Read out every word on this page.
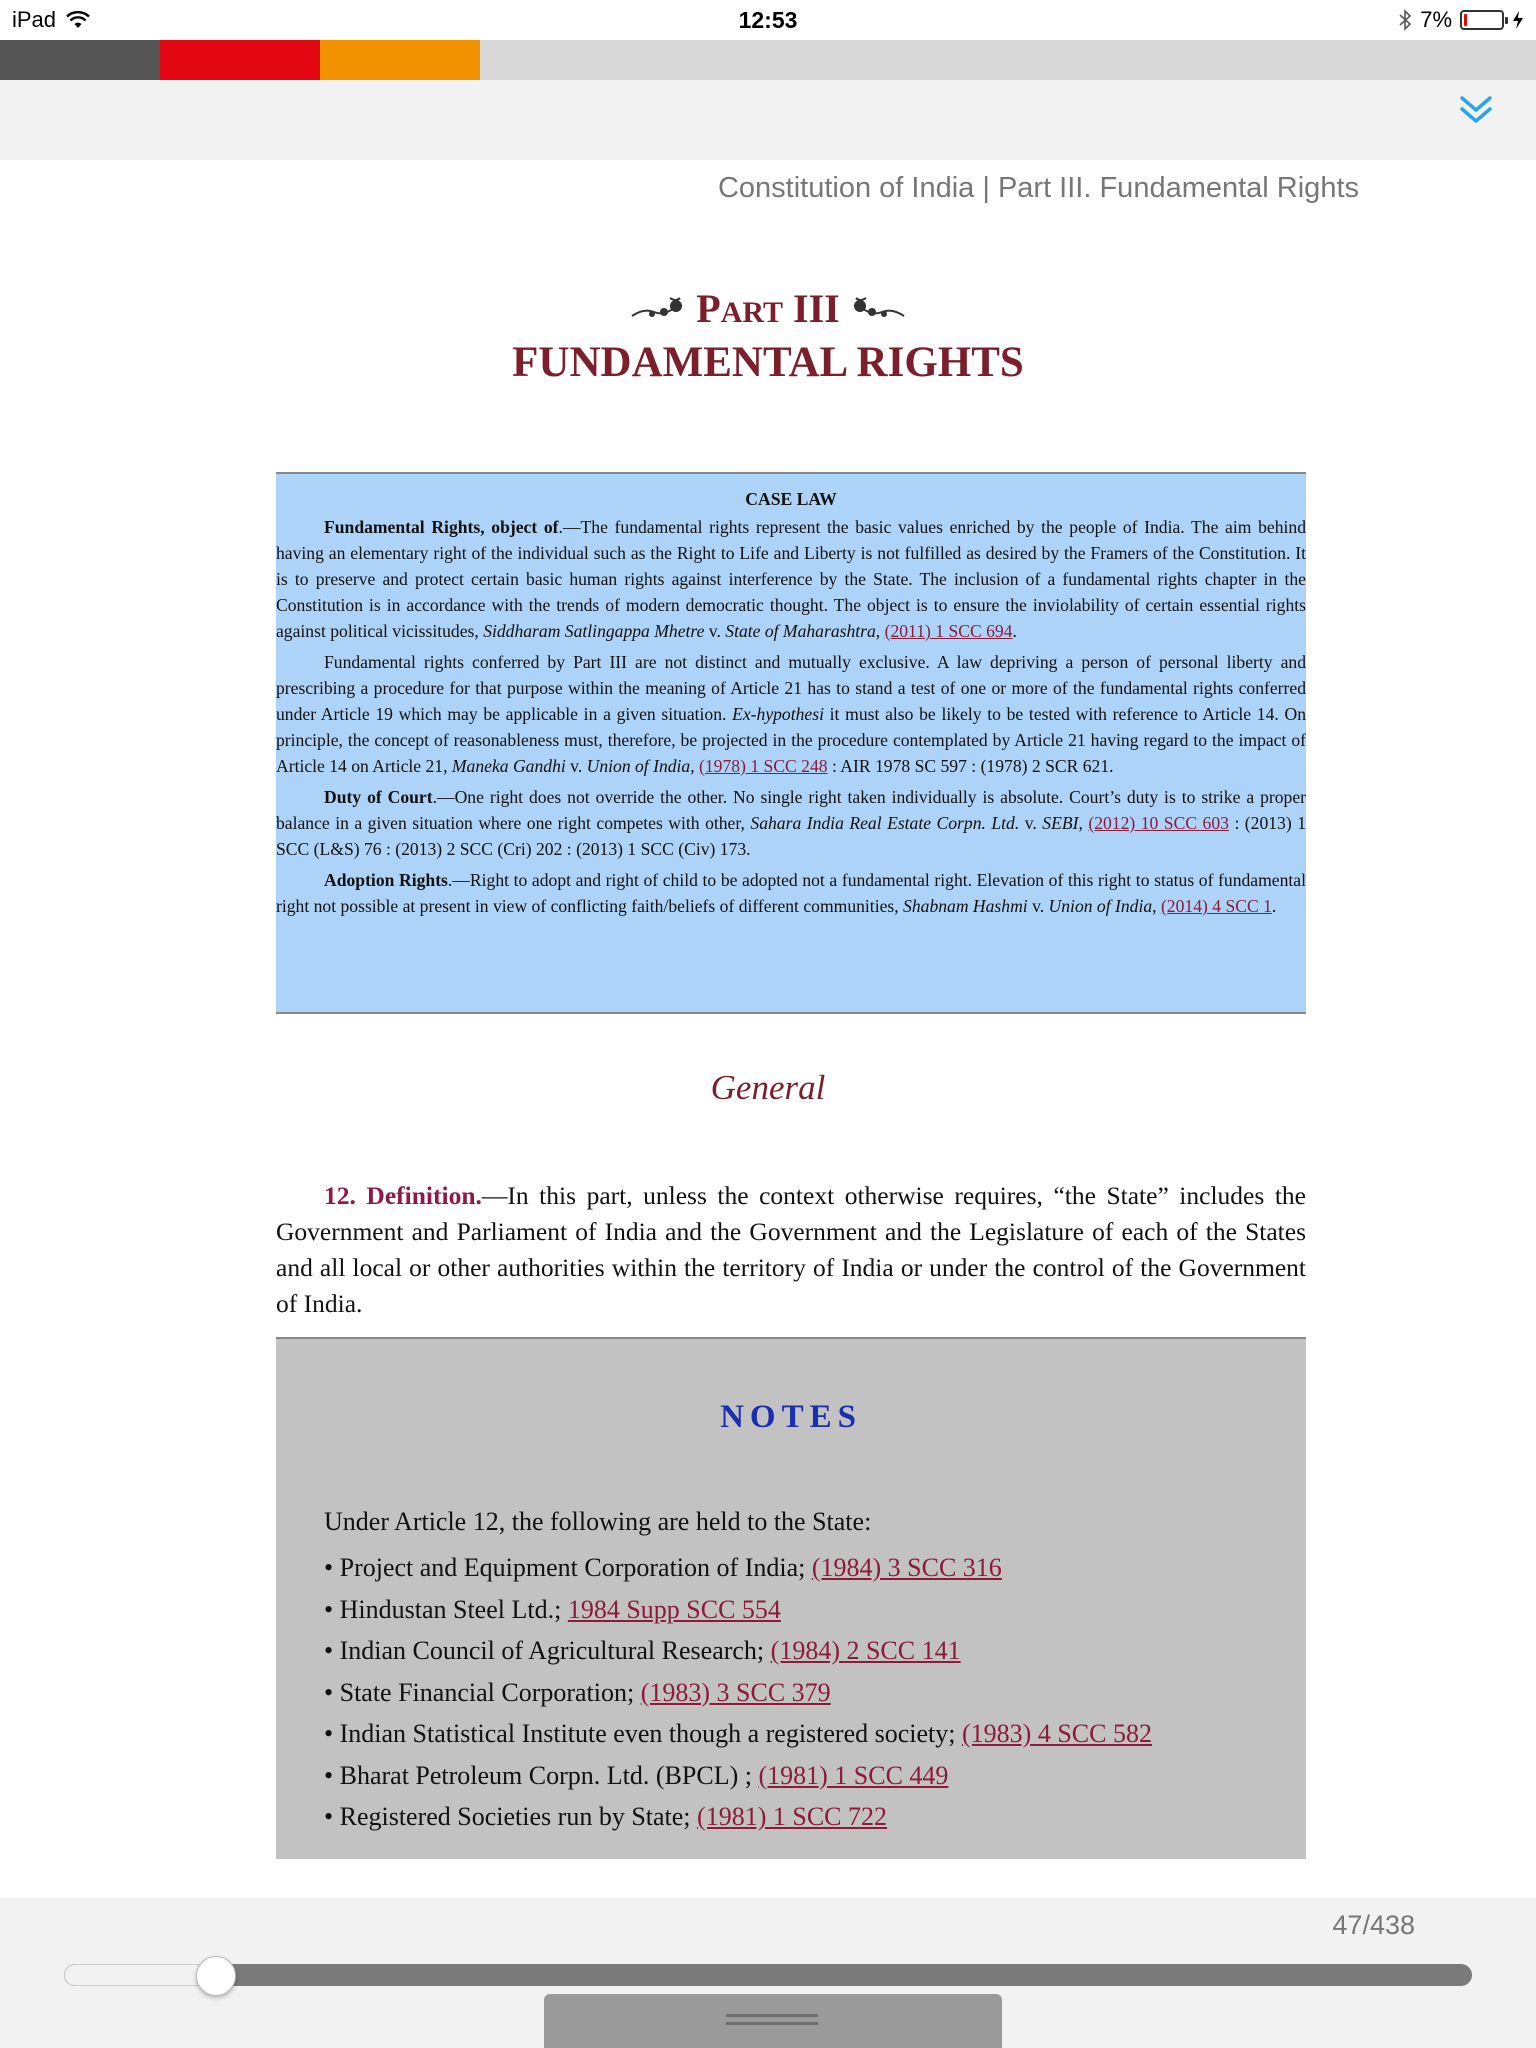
iPad	12:53	7%
Constitution of India | Part III. Fundamental Rights
PART III
FUNDAMENTAL RIGHTS
CASE LAW

Fundamental Rights, object of.—The fundamental rights represent the basic values enriched by the people of India. The aim behind having an elementary right of the individual such as the Right to Life and Liberty is not fulfilled as desired by the Framers of the Constitution. It is to preserve and protect certain basic human rights against interference by the State. The inclusion of a fundamental rights chapter in the Constitution is in accordance with the trends of modern democratic thought. The object is to ensure the inviolability of certain essential rights against political vicissitudes, Siddharam Satlingappa Mhetre v. State of Maharashtra, (2011) 1 SCC 694.

Fundamental rights conferred by Part III are not distinct and mutually exclusive. A law depriving a person of personal liberty and prescribing a procedure for that purpose within the meaning of Article 21 has to stand a test of one or more of the fundamental rights conferred under Article 19 which may be applicable in a given situation. Ex-hypothesi it must also be likely to be tested with reference to Article 14. On principle, the concept of reasonableness must, therefore, be projected in the procedure contemplated by Article 21 having regard to the impact of Article 14 on Article 21, Maneka Gandhi v. Union of India, (1978) 1 SCC 248 : AIR 1978 SC 597 : (1978) 2 SCR 621.

Duty of Court.—One right does not override the other. No single right taken individually is absolute. Court’s duty is to strike a proper balance in a given situation where one right competes with other, Sahara India Real Estate Corpn. Ltd. v. SEBI, (2012) 10 SCC 603 : (2013) 1 SCC (L&S) 76 : (2013) 2 SCC (Cri) 202 : (2013) 1 SCC (Civ) 173.

Adoption Rights.—Right to adopt and right of child to be adopted not a fundamental right. Elevation of this right to status of fundamental right not possible at present in view of conflicting faith/beliefs of different communities, Shabnam Hashmi v. Union of India, (2014) 4 SCC 1.

General
12. Definition.—In this part, unless the context otherwise requires, “the State” includes the Government and Parliament of India and the Government and the Legislature of each of the States and all local or other authorities within the territory of India or under the control of the Government of India.
NOTES
Under Article 12, the following are held to the State:
• Project and Equipment Corporation of India; (1984) 3 SCC 316
• Hindustan Steel Ltd.; 1984 Supp SCC 554
• Indian Council of Agricultural Research; (1984) 2 SCC 141
• State Financial Corporation; (1983) 3 SCC 379
• Indian Statistical Institute even though a registered society; (1983) 4 SCC 582
• Bharat Petroleum Corpn. Ltd. (BPCL) ; (1981) 1 SCC 449
• Registered Societies run by State; (1981) 1 SCC 722
47/438
